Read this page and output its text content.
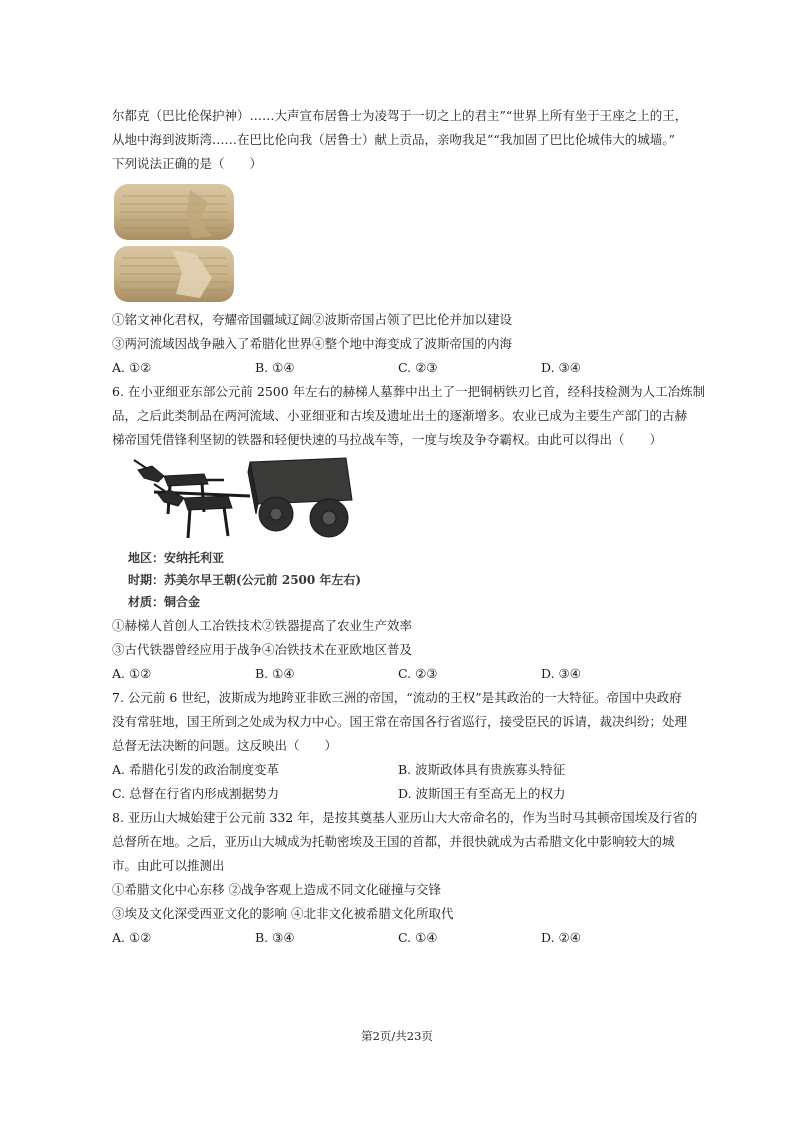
尔都克（巴比伦保护神）……大声宣布居鲁士为凌驾于一切之上的君主”“世界上所有坐于王座之上的王，
从地中海到波斯湾……在巴比伦向我（居鲁士）献上贡品，亲吻我足”“我加固了巴比伦城伟大的城墙。”
下列说法正确的是（　　）
①铭文神化君权，夸耀帝国疆域辽阔②波斯帝国占领了巴比伦并加以建设
③两河流域因战争融入了希腊化世界④整个地中海变成了波斯帝国的内海
A. ①②	B. ①④	C. ②③	D. ③④
6. 在小亚细亚东部公元前 2500 年左右的赫梯人墓葬中出土了一把铜柄铁刃匕首，经科技检测为人工冶炼制
品，之后此类制品在两河流域、小亚细亚和古埃及遗址出土的逐渐增多。农业已成为主要生产部门的古赫
梯帝国凭借锋利坚韧的铁器和轻便快速的马拉战车等，一度与埃及争夺霸权。由此可以得出（　　）
地区：安纳托利亚
时期：苏美尔早王朝(公元前 2500 年左右)
材质：铜合金
①赫梯人首创人工冶铁技术②铁器提高了农业生产效率
③古代铁器曾经应用于战争④冶铁技术在亚欧地区普及
A. ①②	B. ①④	C. ②③	D. ③④
7. 公元前 6 世纪，波斯成为地跨亚非欧三洲的帝国，“流动的王权”是其政治的一大特征。帝国中央政府
没有常驻地，国王所到之处成为权力中心。国王常在帝国各行省巡行，接受臣民的诉请，裁决纠纷；处理
总督无法决断的问题。这反映出（　　）
A. 希腊化引发的政治制度变革	B. 波斯政体具有贵族寡头特征
C. 总督在行省内形成割据势力	D. 波斯国王有至高无上的权力
8. 亚历山大城始建于公元前 332 年，是按其奠基人亚历山大大帝命名的，作为当时马其顿帝国埃及行省的
总督所在地。之后，亚历山大城成为托勒密埃及王国的首都，并很快就成为古希腊文化中影响较大的城
市。由此可以推测出
①希腊文化中心东移 ②战争客观上造成不同文化碰撞与交锋
③埃及文化深受西亚文化的影响 ④北非文化被希腊文化所取代
A. ①②	B. ③④	C. ①④	D. ②④
第2页/共23页
